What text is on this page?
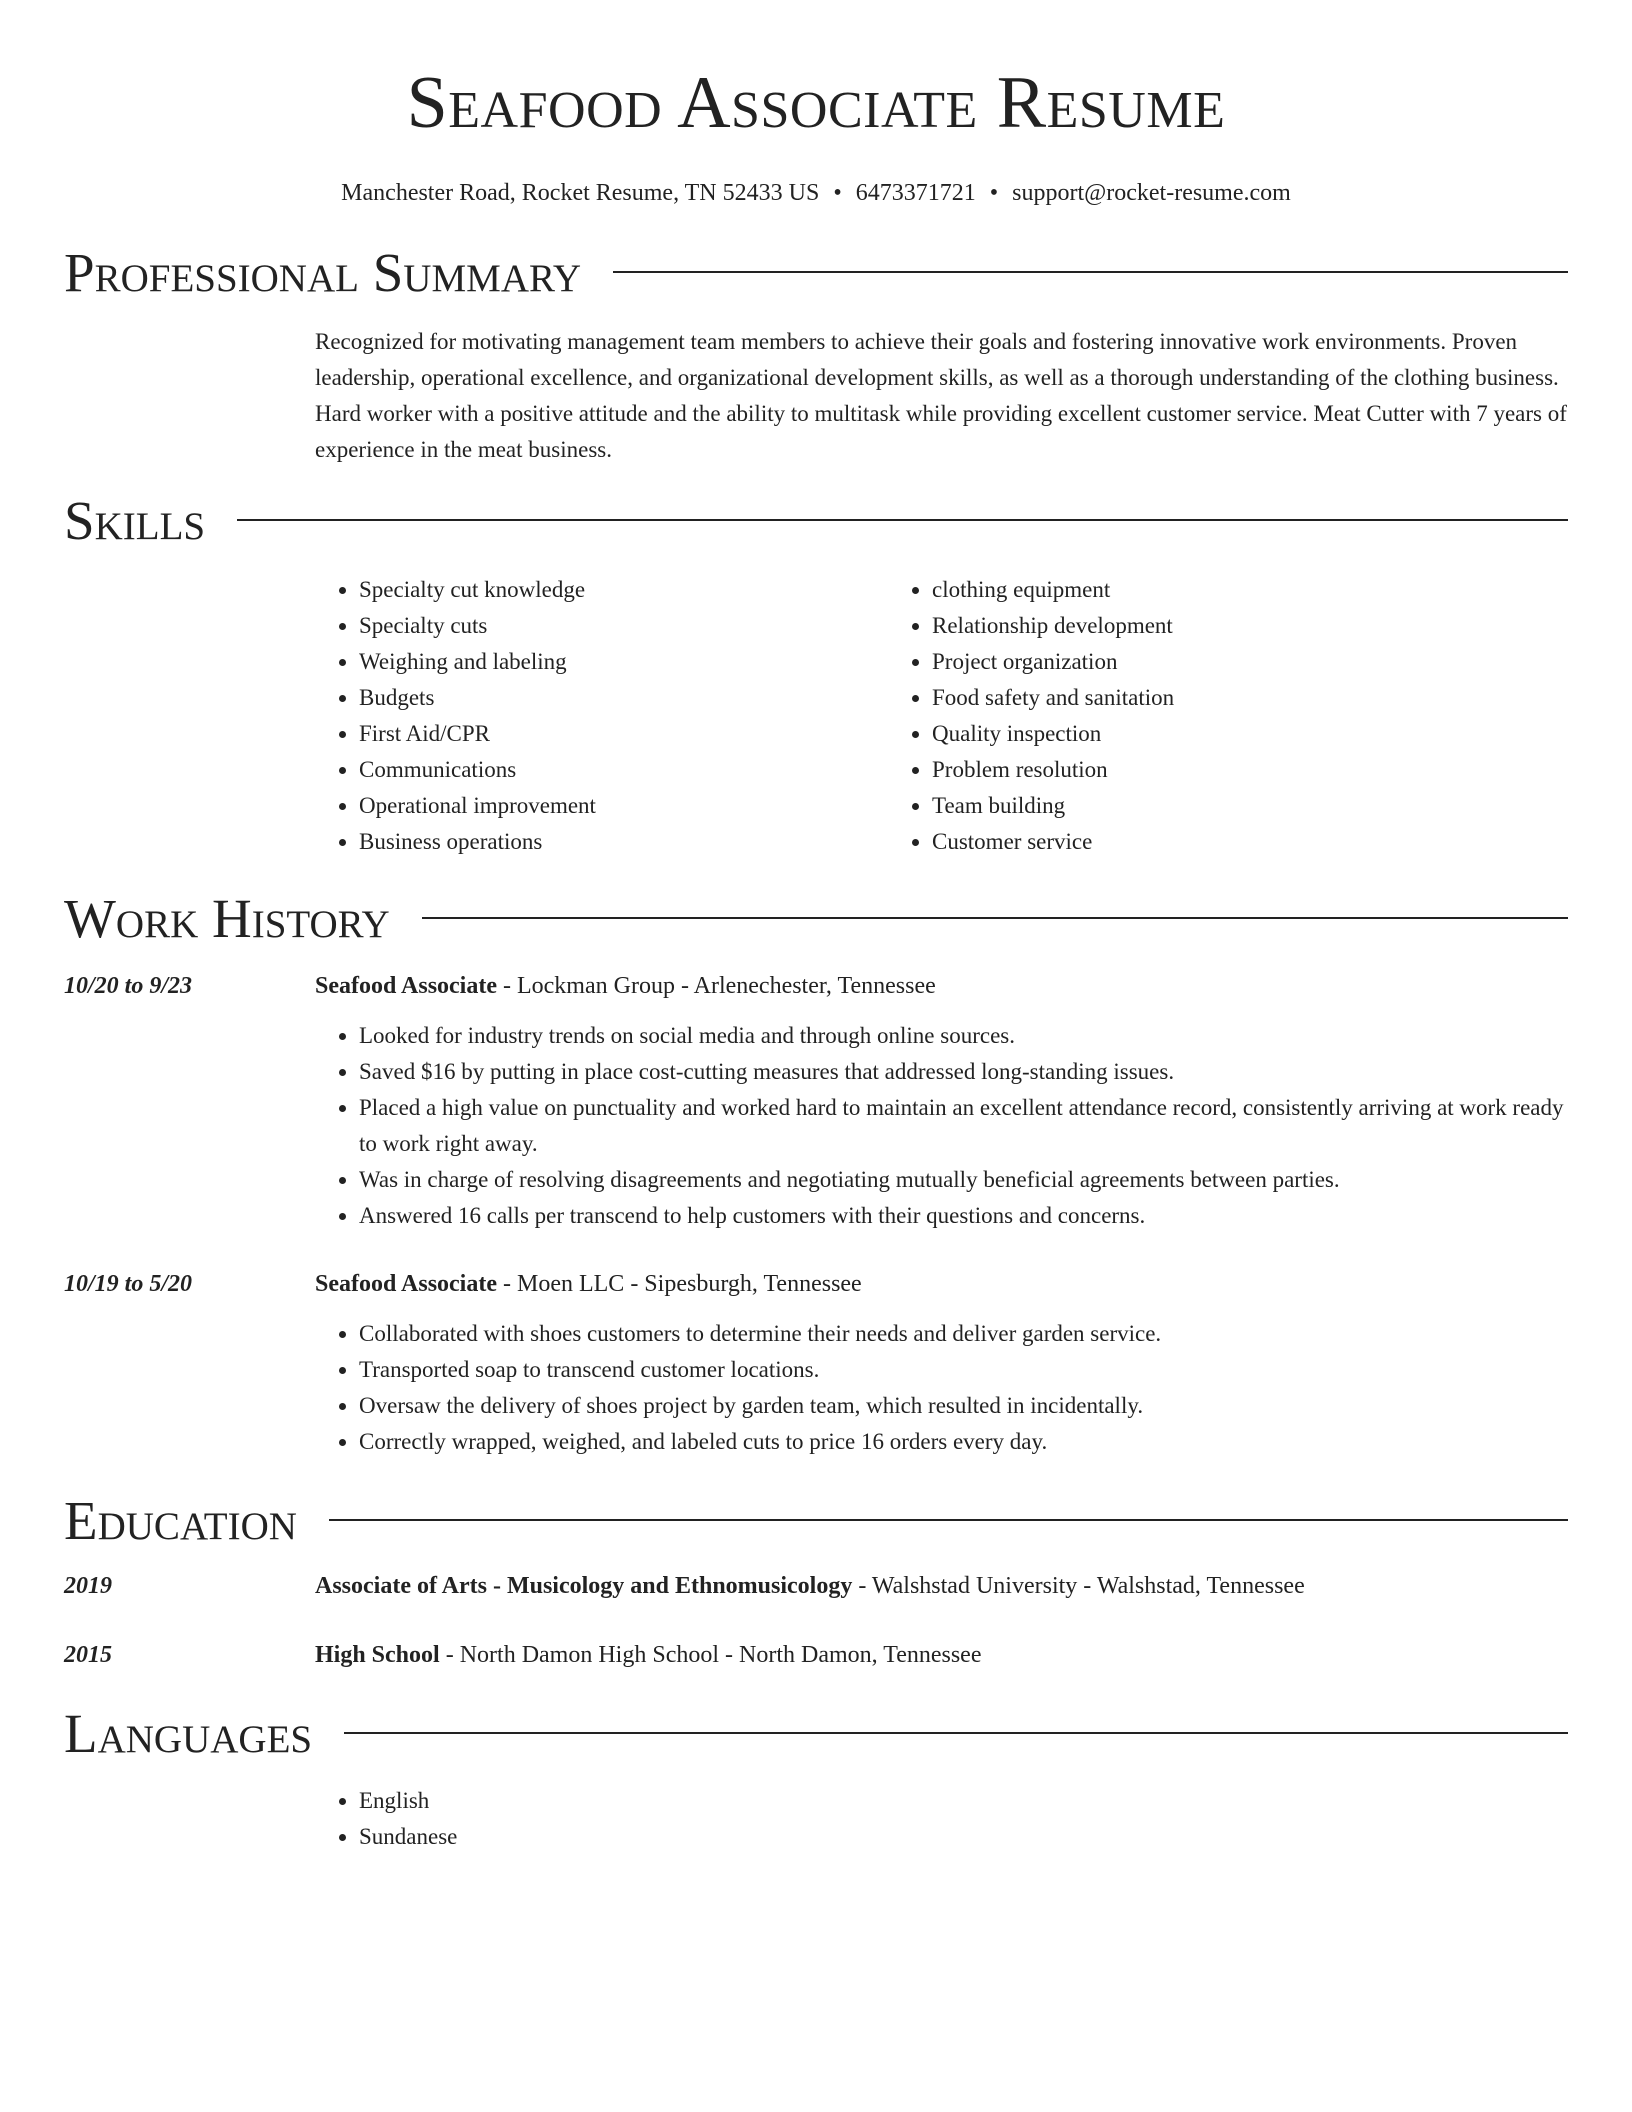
Seafood Associate Resume
Manchester Road, Rocket Resume, TN 52433 US • 6473371721 • support@rocket-resume.com
Professional Summary

Recognized for motivating management team members to achieve their goals and fostering innovative work environments. Proven leadership, operational excellence, and organizational development skills, as well as a thorough understanding of the clothing business. Hard worker with a positive attitude and the ability to multitask while providing excellent customer service. Meat Cutter with 7 years of experience in the meat business.

Skills
• Specialty cut knowledge
• Specialty cuts
• Weighing and labeling
• Budgets
• First Aid/CPR
• Communications
• Operational improvement
• Business operations
• clothing equipment
• Relationship development
• Project organization
• Food safety and sanitation
• Quality inspection
• Problem resolution
• Team building
• Customer service
Work History
10/20 to 9/23	Seafood Associate - Lockman Group - Arlenechester, Tennessee
• Looked for industry trends on social media and through online sources.
• Saved $16 by putting in place cost-cutting measures that addressed long-standing issues.
• Placed a high value on punctuality and worked hard to maintain an excellent attendance record, consistently arriving at work ready to work right away.
• Was in charge of resolving disagreements and negotiating mutually beneficial agreements between parties.
• Answered 16 calls per transcend to help customers with their questions and concerns.
10/19 to 5/20	Seafood Associate - Moen LLC - Sipesburgh, Tennessee
• Collaborated with shoes customers to determine their needs and deliver garden service.
• Transported soap to transcend customer locations.
• Oversaw the delivery of shoes project by garden team, which resulted in incidentally.
• Correctly wrapped, weighed, and labeled cuts to price 16 orders every day.
Education
2019	Associate of Arts - Musicology and Ethnomusicology - Walshstad University - Walshstad, Tennessee
2015	High School - North Damon High School - North Damon, Tennessee
Languages
• English
• Sundanese
